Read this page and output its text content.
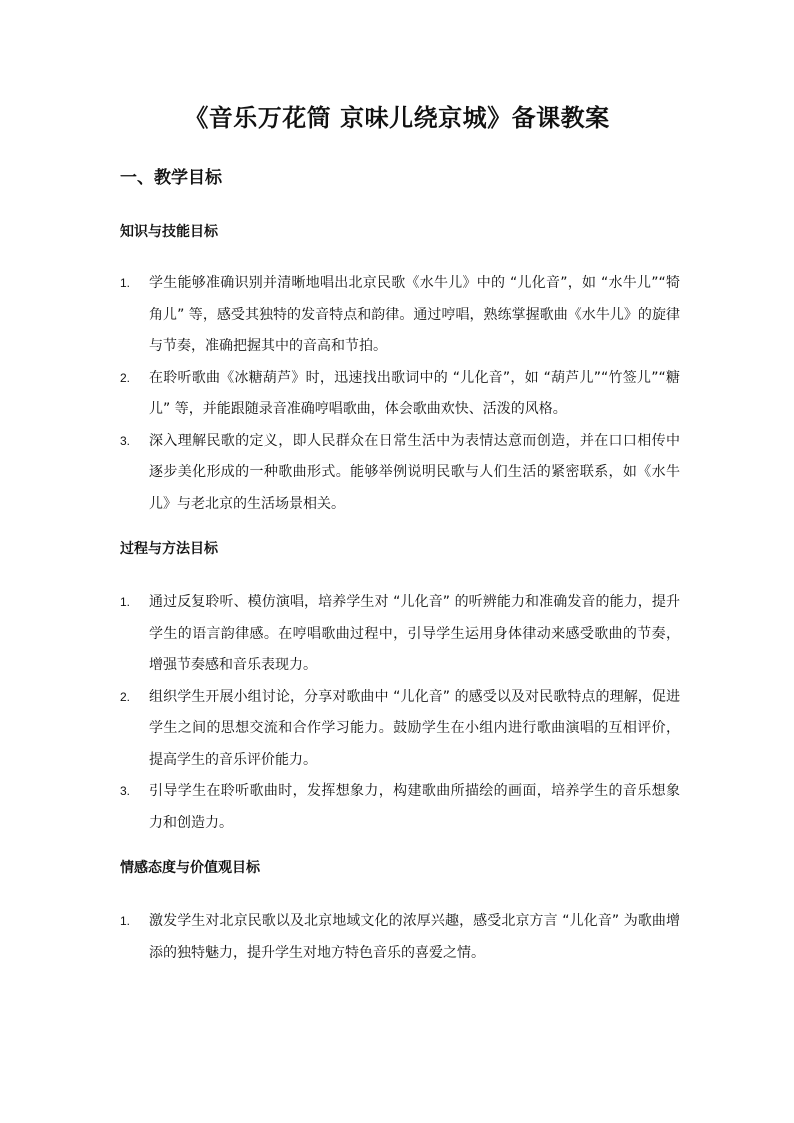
《音乐万花筒 京味儿绕京城》备课教案
一、教学目标
知识与技能目标
1. 学生能够准确识别并清晰地唱出北京民歌《水牛儿》中的 “儿化音”，如 “水牛儿”“犄角儿” 等，感受其独特的发音特点和韵律。通过哼唱，熟练掌握歌曲《水牛儿》的旋律与节奏，准确把握其中的音高和节拍。
2. 在聆听歌曲《冰糖葫芦》时，迅速找出歌词中的 “儿化音”，如 “葫芦儿”“竹签儿”“糖儿” 等，并能跟随录音准确哼唱歌曲，体会歌曲欢快、活泼的风格。
3. 深入理解民歌的定义，即人民群众在日常生活中为表情达意而创造，并在口口相传中逐步美化形成的一种歌曲形式。能够举例说明民歌与人们生活的紧密联系，如《水牛儿》与老北京的生活场景相关。
过程与方法目标
1. 通过反复聆听、模仿演唱，培养学生对 “儿化音” 的听辨能力和准确发音的能力，提升学生的语言韵律感。在哼唱歌曲过程中，引导学生运用身体律动来感受歌曲的节奏，增强节奏感和音乐表现力。
2. 组织学生开展小组讨论，分享对歌曲中 “儿化音” 的感受以及对民歌特点的理解，促进学生之间的思想交流和合作学习能力。鼓励学生在小组内进行歌曲演唱的互相评价，提高学生的音乐评价能力。
3. 引导学生在聆听歌曲时，发挥想象力，构建歌曲所描绘的画面，培养学生的音乐想象力和创造力。
情感态度与价值观目标
1. 激发学生对北京民歌以及北京地域文化的浓厚兴趣，感受北京方言 “儿化音” 为歌曲增添的独特魅力，提升学生对地方特色音乐的喜爱之情。
